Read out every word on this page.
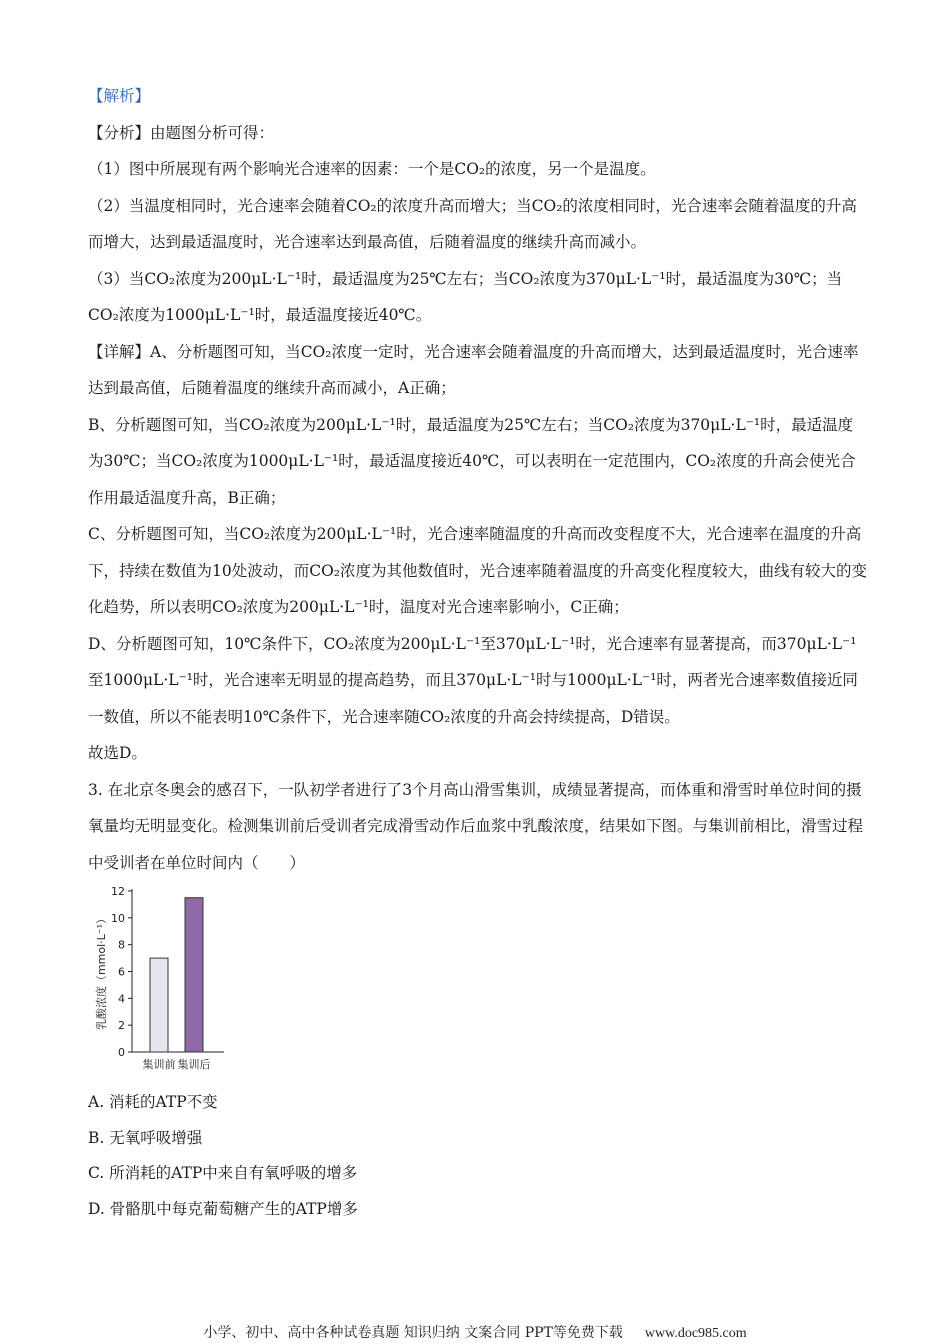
【解析】

【分析】由题图分析可得：

（1）图中所展现有两个影响光合速率的因素：一个是CO₂的浓度，另一个是温度。

（2）当温度相同时，光合速率会随着CO₂的浓度升高而增大；当CO₂的浓度相同时，光合速率会随着温度的升高而增大，达到最适温度时，光合速率达到最高值，后随着温度的继续升高而减小。

（3）当CO₂浓度为200μL·L⁻¹时，最适温度为25℃左右；当CO₂浓度为370μL·L⁻¹时，最适温度为30℃；当CO₂浓度为1000μL·L⁻¹时，最适温度接近40℃。

【详解】A、分析题图可知，当CO₂浓度一定时，光合速率会随着温度的升高而增大，达到最适温度时，光合速率达到最高值，后随着温度的继续升高而减小，A正确；

B、分析题图可知，当CO₂浓度为200μL·L⁻¹时，最适温度为25℃左右；当CO₂浓度为370μL·L⁻¹时，最适温度为30℃；当CO₂浓度为1000μL·L⁻¹时，最适温度接近40℃，可以表明在一定范围内，CO₂浓度的升高会使光合作用最适温度升高，B正确；

C、分析题图可知，当CO₂浓度为200μL·L⁻¹时，光合速率随温度的升高而改变程度不大，光合速率在温度的升高下，持续在数值为10处波动，而CO₂浓度为其他数值时，光合速率随着温度的升高变化程度较大，曲线有较大的变化趋势，所以表明CO₂浓度为200μL·L⁻¹时，温度对光合速率影响小，C正确；

D、分析题图可知，10℃条件下，CO₂浓度为200μL·L⁻¹至370μL·L⁻¹时，光合速率有显著提高，而370μL·L⁻¹至1000μL·L⁻¹时，光合速率无明显的提高趋势，而且370μL·L⁻¹时与1000μL·L⁻¹时，两者光合速率数值接近同一数值，所以不能表明10℃条件下，光合速率随CO₂浓度的升高会持续提高，D错误。

故选D。

3. 在北京冬奥会的感召下，一队初学者进行了3个月高山滑雪集训，成绩显著提高，而体重和滑雪时单位时间的摄氧量均无明显变化。检测集训前后受训者完成滑雪动作后血浆中乳酸浓度，结果如下图。与集训前相比，滑雪过程中受训者在单位时间内（　　）

0
2
4
6
8
10
12
乳酸浓度（mmol·L⁻¹）
集训前 集训后

A. 消耗的ATP不变

B. 无氧呼吸增强

C. 所消耗的ATP中来自有氧呼吸的增多

D. 骨骼肌中每克葡萄糖产生的ATP增多

小学、初中、高中各种试卷真题 知识归纳 文案合同 PPT等免费下载 www.doc985.com
